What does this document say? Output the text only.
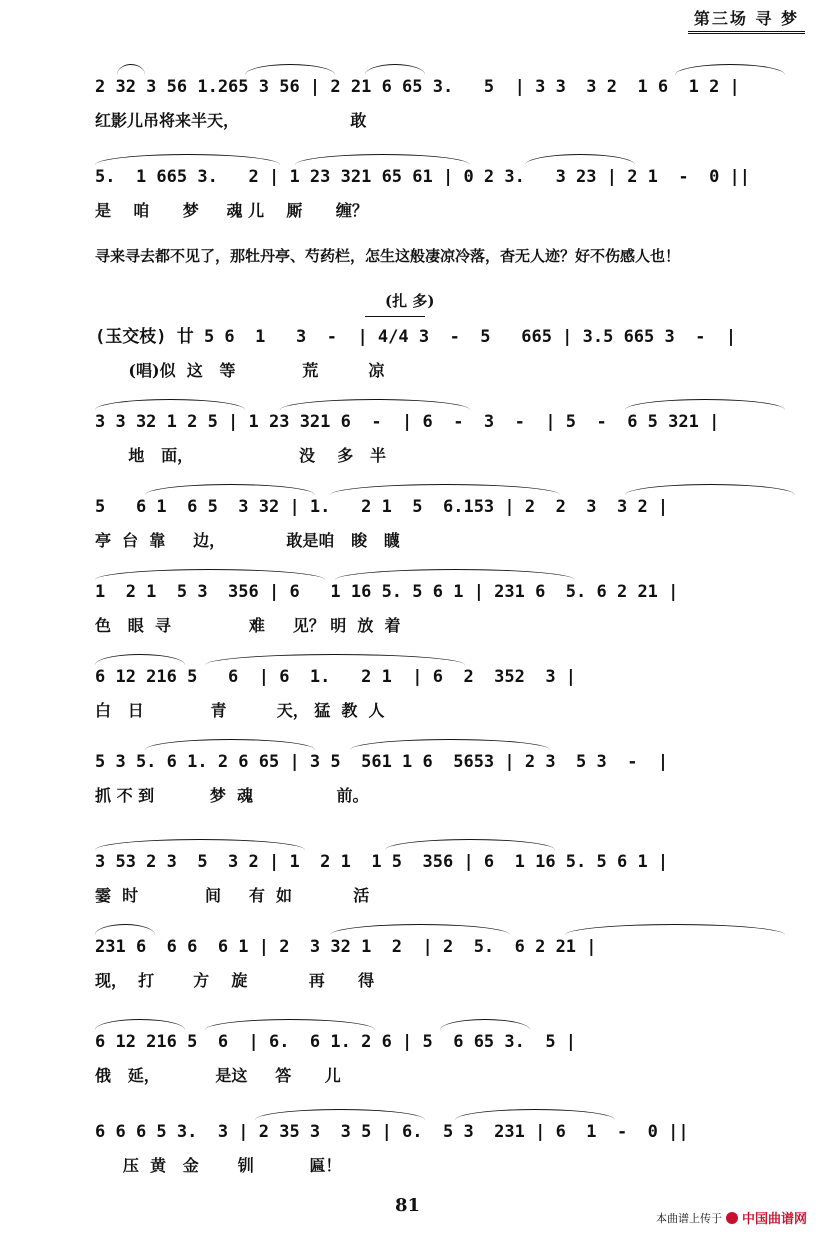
第三场 寻 梦
2 32 3 56 1.265 3 56 | 2 21 6 65 3.   5  | 3 3  3 2  1 6  1 2 |
红影儿吊将来半天，                    敢
5.  1 665 3.   2 | 1 23 321 65 61 | 0 2 3.   3 23 | 2 1  -  0 ||
是    咱      梦     魂 儿    厮      缠？
寻来寻去都不见了，那牡丹亭、芍药栏，怎生这般凄凉冷落，杳无人迹？好不伤感人也！
(扎 多)
(玉交枝) 廿 5 6  1   3  -  | 4/4 3  -  5   665 | 3.5 665 3  -  |
(唱)似  这   等            荒         凉
3 3 32 1 2 5 | 1 23 321 6  -  | 6  -  3  -  | 5  -  6 5 321 |
地   面，                   没    多   半
5   6 1  6 5  3 32 | 1.   2 1  5  6.153 | 2  2  3  3 2 |
亭  台  靠     边，           敢是咱   睃   䁾
1  2 1  5 3  356 | 6   1 16 5. 5 6 1 | 231 6  5. 6 2 21 |
色   眼  寻              难     见？ 明  放  着
6 12 216 5   6  | 6  1.   2 1  | 6  2  352  3 |
白   日            青         天， 猛  教  人
5 3 5. 6 1. 2 6 65 | 3 5  561 1 6  5653 | 2 3  5 3  -  |
抓 不 到          梦  魂               前。
3 53 2 3  5  3 2 | 1  2 1  1 5  356 | 6  1 16 5. 5 6 1 |
霎  时            间     有  如           活
231 6  6 6  6 1 | 2  3 32 1  2  | 2  5.  6 2 21 |
现，  打       方    旋           再      得
6 12 216 5  6  | 6.  6 1. 2 6 | 5  6 65 3.  5 |
俄   延，          是这     答      儿
6 6 6 5 3.  3 | 2 35 3  3 5 | 6.  5 3  231 | 6  1  -  0 ||
压  黄   金       钏          匾！
81
本曲谱上传于 中国曲谱网
